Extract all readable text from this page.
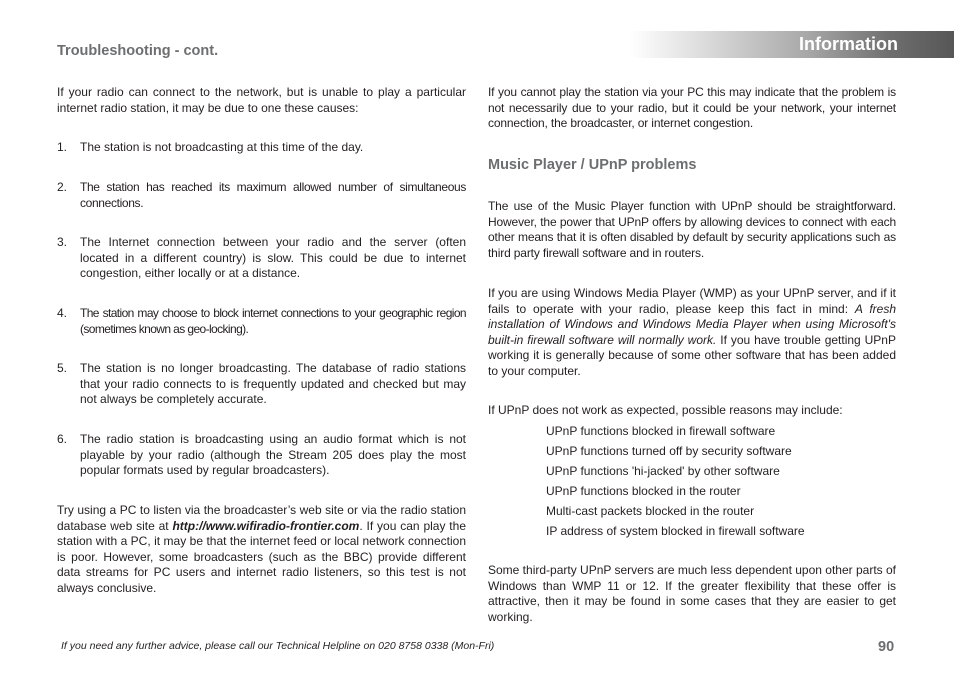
Information
Troubleshooting - cont.

If your radio can connect to the network, but is unable to play a particular internet radio station, it may be due to one these causes:

1. The station is not broadcasting at this time of the day.
2. The station has reached its maximum allowed number of simultaneous connections.
3. The Internet connection between your radio and the server (often located in a different country) is slow. This could be due to internet congestion, either locally or at a distance.
4. The station may choose to block internet connections to your geographic region (sometimes known as geo-locking).
5. The station is no longer broadcasting. The database of radio stations that your radio connects to is frequently updated and checked but may not always be completely accurate.
6. The radio station is broadcasting using an audio format which is not playable by your radio (although the Stream 205 does play the most popular formats used by regular broadcasters).

Try using a PC to listen via the broadcaster’s web site or via the radio station database web site at http://www.wifiradio-frontier.com. If you can play the station with a PC, it may be that the internet feed or local network connection is poor. However, some broadcasters (such as the BBC) provide different data streams for PC users and internet radio listeners, so this test is not always conclusive.

If you cannot play the station via your PC this may indicate that the problem is not necessarily due to your radio, but it could be your network, your internet connection, the broadcaster, or internet congestion.

Music Player / UPnP problems

The use of the Music Player function with UPnP should be straightforward. However, the power that UPnP offers by allowing devices to connect with each other means that it is often disabled by default by security applications such as third party firewall software and in routers.

If you are using Windows Media Player (WMP) as your UPnP server, and if it fails to operate with your radio, please keep this fact in mind: A fresh installation of Windows and Windows Media Player when using Microsoft's built-in firewall software will normally work. If you have trouble getting UPnP working it is generally because of some other software that has been added to your computer.

If UPnP does not work as expected, possible reasons may include:

UPnP functions blocked in firewall software
UPnP functions turned off by security software
UPnP functions 'hi-jacked' by other software
UPnP functions blocked in the router
Multi-cast packets blocked in the router
IP address of system blocked in firewall software

Some third-party UPnP servers are much less dependent upon other parts of Windows than WMP 11 or 12. If the greater flexibility that these offer is attractive, then it may be found in some cases that they are easier to get working.

If you need any further advice, please call our Technical Helpline on 020 8758 0338 (Mon-Fri)	90
